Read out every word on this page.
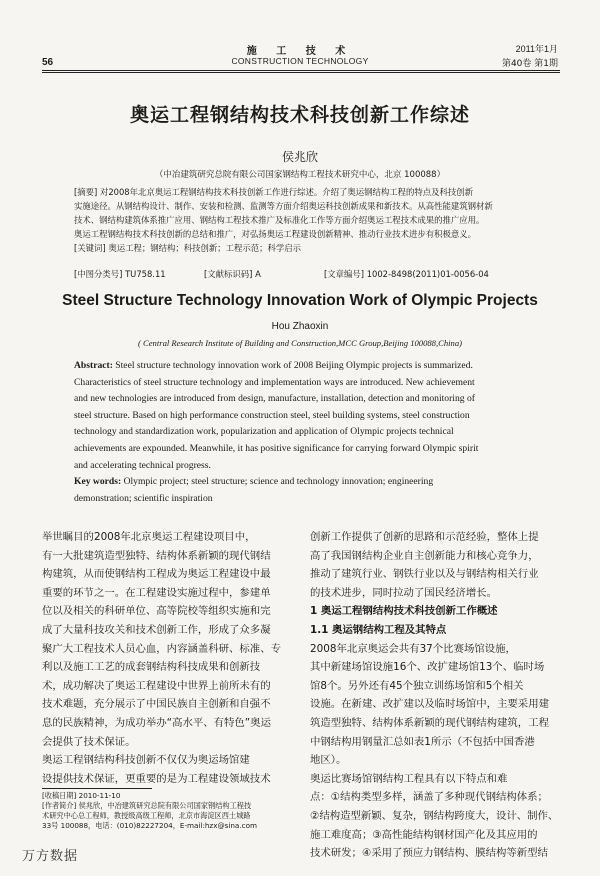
56
施 工 技 术
CONSTRUCTION TECHNOLOGY
2011年1月
第40卷 第1期
奥运工程钢结构技术科技创新工作综述
侯兆欣
（中冶建筑研究总院有限公司国家钢结构工程技术研究中心，北京 100088）
[摘要] 对2008年北京奥运工程钢结构技术科技创新工作进行综述。介绍了奥运钢结构工程的特点及科技创新
实施途径。从钢结构设计、制作、安装和检测、监测等方面介绍奥运科技创新成果和新技术。从高性能建筑钢材新
技术、钢结构建筑体系推广应用、钢结构工程技术推广及标准化工作等方面介绍奥运工程技术成果的推广应用。
奥运工程钢结构技术科技创新的总结和推广，对弘扬奥运工程建设创新精神、推动行业技术进步有积极意义。
[关键词] 奥运工程；钢结构；科技创新；工程示范；科学启示
[中图分类号] TU758.11	[文献标识码] A	[文章编号] 1002-8498(2011)01-0056-04
Steel Structure Technology Innovation Work of Olympic Projects
Hou Zhaoxin
( Central Research Institute of Building and Construction,MCC Group,Beijing 100088,China)
Abstract: Steel structure technology innovation work of 2008 Beijing Olympic projects is summarized.
Characteristics of steel structure technology and implementation ways are introduced. New achievement
and new technologies are introduced from design, manufacture, installation, detection and monitoring of
steel structure. Based on high performance construction steel, steel building systems, steel construction
technology and standardization work, popularization and application of Olympic projects technical
achievements are expounded. Meanwhile, it has positive significance for carrying forward Olympic spirit
and accelerating technical progress.
Key words: Olympic project; steel structure; science and technology innovation; engineering
demonstration; scientific inspiration
举世瞩目的2008年北京奥运工程建设项目中，
有一大批建筑造型独特、结构体系新颖的现代钢结
构建筑，从而使钢结构工程成为奥运工程建设中最
重要的环节之一。在工程建设实施过程中，参建单
位以及相关的科研单位、高等院校等组织实施和完
成了大量科技攻关和技术创新工作，形成了众多凝
聚广大工程技术人员心血，内容涵盖科研、标准、专
利以及施工工艺的成套钢结构科技成果和创新技
术，成功解决了奥运工程建设中世界上前所未有的
技术难题，充分展示了中国民族自主创新和自强不
息的民族精神，为成功举办“高水平、有特色”奥运
会提供了技术保证。
奥运工程钢结构科技创新不仅仅为奥运场馆建
设提供技术保证，更重要的是为工程建设领域技术
创新工作提供了创新的思路和示范经验，整体上提
高了我国钢结构企业自主创新能力和核心竞争力，
推动了建筑行业、钢铁行业以及与钢结构相关行业
的技术进步，同时拉动了国民经济增长。
1 奥运工程钢结构技术科技创新工作概述
1.1 奥运钢结构工程及其特点
2008年北京奥运会共有37个比赛场馆设施，
其中新建场馆设施16个、改扩建场馆13个、临时场
馆8个。另外还有45个独立训练场馆和5个相关
设施。在新建、改扩建以及临时场馆中，主要采用建
筑造型独特、结构体系新颖的现代钢结构建筑，工程
中钢结构用钢量汇总如表1所示（不包括中国香港
地区）。
奥运比赛场馆钢结构工程具有以下特点和难
点：①结构类型多样，涵盖了多种现代钢结构体系；
②结构造型新颖、复杂，钢结构跨度大，设计、制作、
施工难度高；③高性能结构钢材国产化及其应用的
技术研发；④采用了预应力钢结构、膜结构等新型结
[收稿日期] 2010-11-10
[作者简介] 侯兆欣，中冶建筑研究总院有限公司国家钢结构工程技
术研究中心总工程师，教授级高级工程师，北京市海淀区西土城路
33号 100088，电话：(010)82227204，E-mail:hzx@sina.com
万方数据
